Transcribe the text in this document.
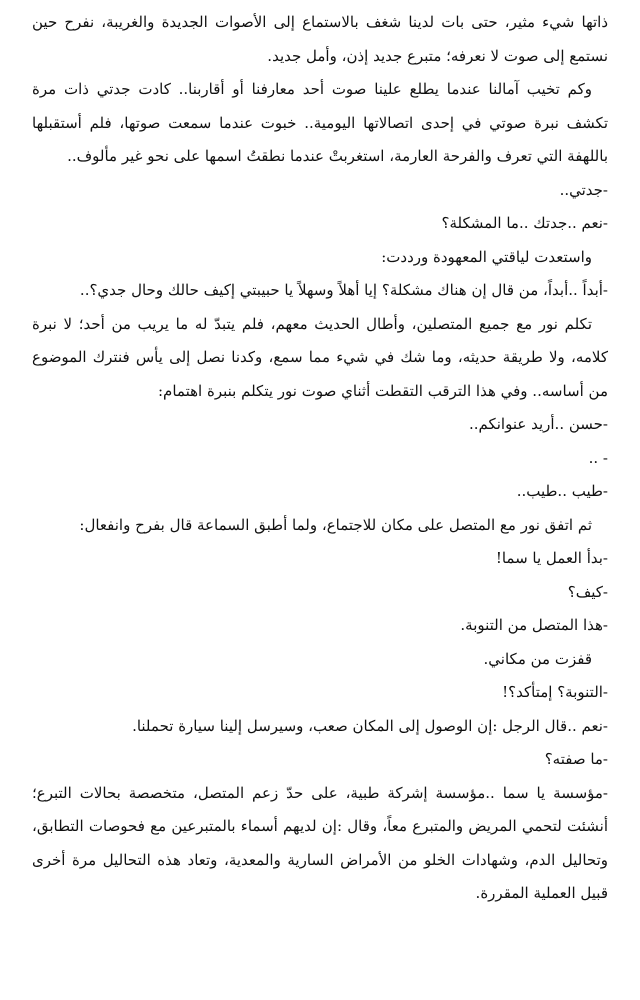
ذاتها شيء مثير، حتى بات لدينا شغف بالاستماع إلى الأصوات الجديدة والغريبة، نفرح حين نستمع إلى صوت لا نعرفه؛ متبرع جديد إذن، وأمل جديد.

وكم تخيب آمالنا عندما يطلع علينا صوت أحد معارفنا أو أقاربنا.. كادت جدتي ذات مرة تكشف نبرة صوتي في إحدى اتصالاتها اليومية.. خبوت عندما سمعت صوتها، فلم أستقبلها باللهفة التي تعرف والفرحة العارمة، استغربتْ عندما نطقتُ اسمها على نحو غير مألوف..

-جدتي..

-نعم ..جدتك ..ما المشكلة؟

واستعدت لياقتي المعهودة ورددت:

-أبداً ..أبداً، من قال إن هناك مشكلة؟ إيا أهلاً وسهلاً يا حبيبتي إكيف حالك وحال جدي؟..

تكلم نور مع جميع المتصلين، وأطال الحديث معهم، فلم يتبدّ له ما يريب من أحد؛ لا نبرة كلامه، ولا طريقة حديثه، وما شك في شيء مما سمع، وكدنا نصل إلى يأس فنترك الموضوع من أساسه.. وفي هذا الترقب التقطت أثناي صوت نور يتكلم بنبرة اهتمام:

-حسن ..أريد عنوانكم..

- ..

-طيب ..طيب..

ثم اتفق نور مع المتصل على مكان للاجتماع، ولما أطبق السماعة قال بفرح وانفعال:

-بدأ العمل يا سما!

-كيف؟

-هذا المتصل من التنوبة.

قفزت من مكاني.

-التنوبة؟ إمتأكد؟!

-نعم ..قال الرجل :إن الوصول إلى المكان صعب، وسيرسل إلينا سيارة تحملنا.

-ما صفته؟

-مؤسسة يا سما ..مؤسسة إشركة طبية، على حدّ زعم المتصل، متخصصة بحالات التبرع؛ أنشئت لتحمي المريض والمتبرع معاً، وقال :إن لديهم أسماء بالمتبرعين مع فحوصات التطابق، وتحاليل الدم، وشهادات الخلو من الأمراض السارية والمعدية، وتعاد هذه التحاليل مرة أخرى قبيل العملية المقررة.
